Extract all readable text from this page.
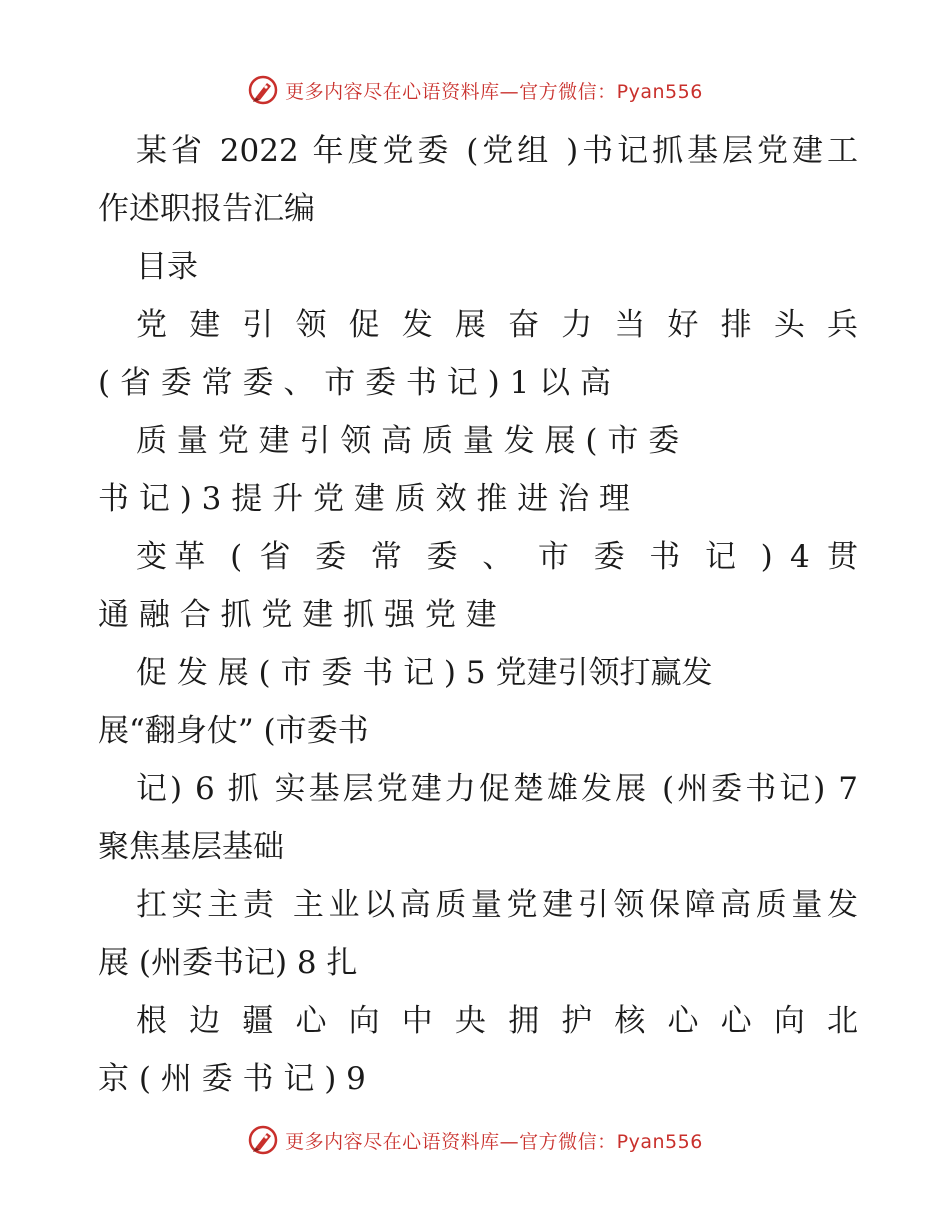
更多内容尽在心语资料库—官方微信：Pyan556
某省 2022 年度党委 (党组 )书记抓基层党建工
作述职报告汇编
目录
党 建 引 领 促 发 展 奋 力 当 好 排 头 兵
( 省 委 常 委 、 市 委 书 记 ) 1 以 高
质 量 党 建 引 领 高 质 量 发 展 ( 市 委
书 记 ) 3 提 升 党 建 质 效 推 进 治 理
变革 ( 省 委 常 委 、 市 委 书 记 ) 4 贯
通 融 合 抓 党 建 抓 强 党 建
促 发 展 ( 市 委 书 记 ) 5 党建引领打赢发
展“翻身仗” (市委书
记) 6 抓 实基层党建力促楚雄发展 (州委书记) 7
聚焦基层基础
扛实主责 主业以高质量党建引领保障高质量发
展 (州委书记) 8 扎
根 边 疆 心 向 中 央 拥 护 核 心 心 向 北
京 ( 州 委 书 记 ) 9
更多内容尽在心语资料库—官方微信：Pyan556
